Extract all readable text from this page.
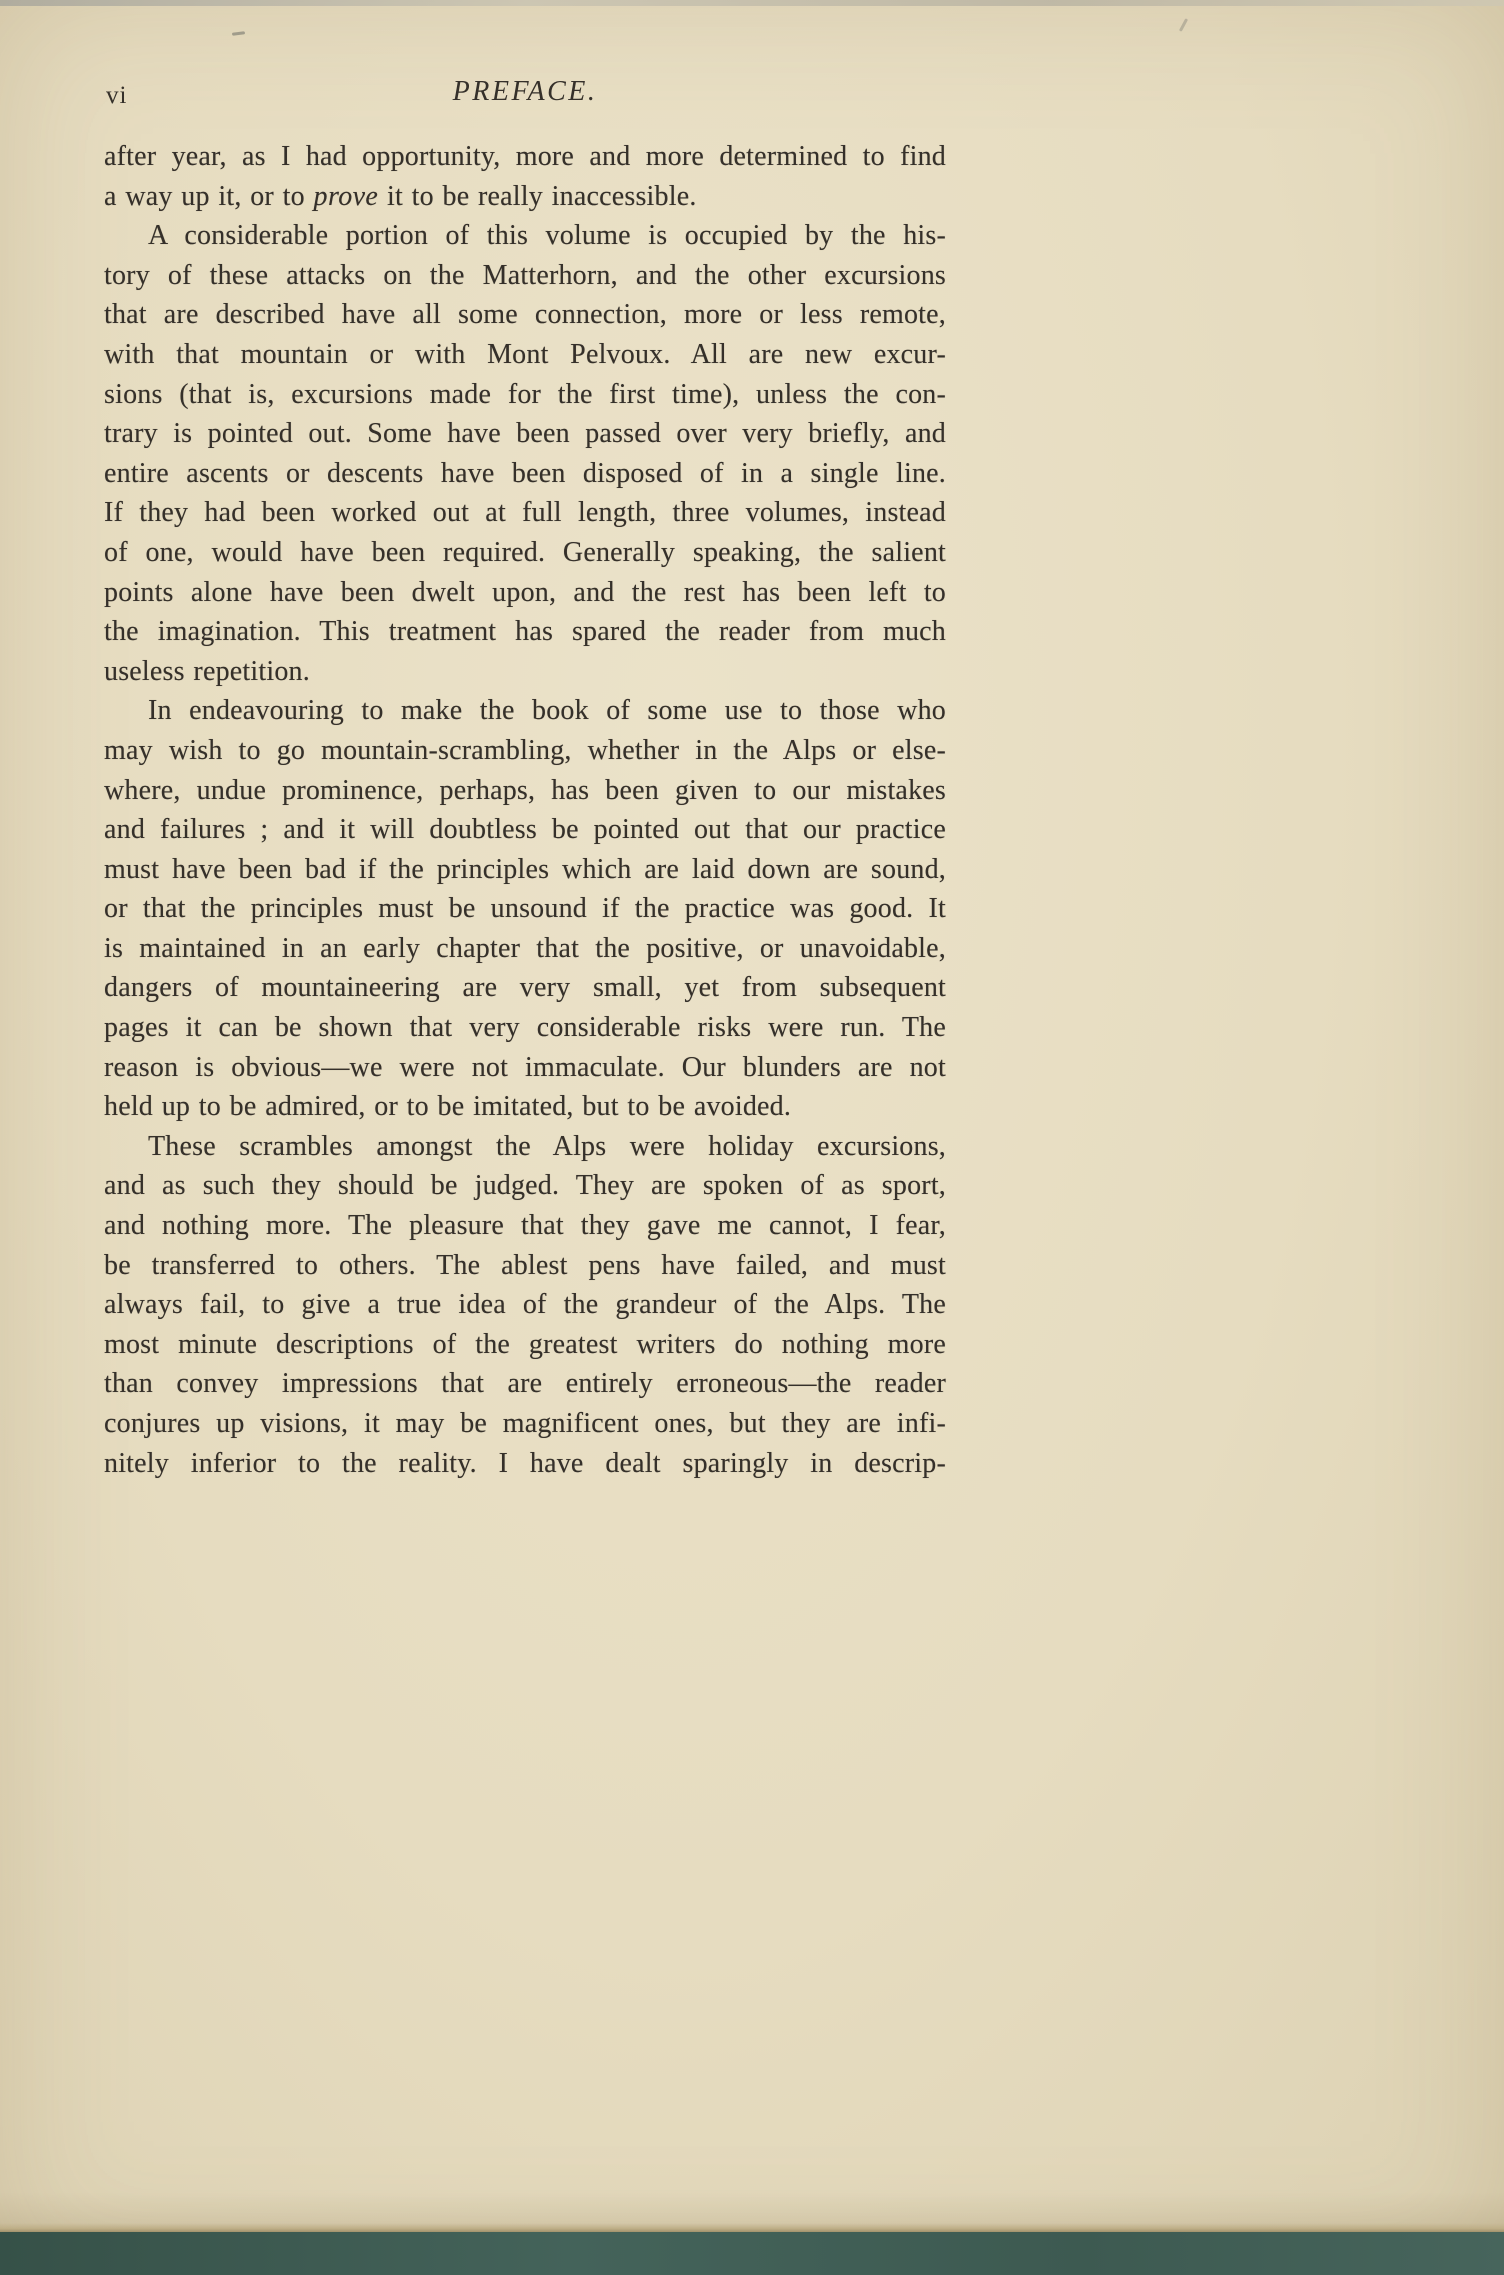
vi	PREFACE.
after year, as I had opportunity, more and more determined to find
a way up it, or to prove it to be really inaccessible.
A considerable portion of this volume is occupied by the his-
tory of these attacks on the Matterhorn, and the other excursions
that are described have all some connection, more or less remote,
with that mountain or with Mont Pelvoux. All are new excur-
sions (that is, excursions made for the first time), unless the con-
trary is pointed out. Some have been passed over very briefly, and
entire ascents or descents have been disposed of in a single line.
If they had been worked out at full length, three volumes, instead
of one, would have been required. Generally speaking, the salient
points alone have been dwelt upon, and the rest has been left to
the imagination. This treatment has spared the reader from much
useless repetition.
In endeavouring to make the book of some use to those who
may wish to go mountain-scrambling, whether in the Alps or else-
where, undue prominence, perhaps, has been given to our mistakes
and failures ; and it will doubtless be pointed out that our practice
must have been bad if the principles which are laid down are sound,
or that the principles must be unsound if the practice was good. It
is maintained in an early chapter that the positive, or unavoidable,
dangers of mountaineering are very small, yet from subsequent
pages it can be shown that very considerable risks were run. The
reason is obvious—we were not immaculate. Our blunders are not
held up to be admired, or to be imitated, but to be avoided.
These scrambles amongst the Alps were holiday excursions,
and as such they should be judged. They are spoken of as sport,
and nothing more. The pleasure that they gave me cannot, I fear,
be transferred to others. The ablest pens have failed, and must
always fail, to give a true idea of the grandeur of the Alps. The
most minute descriptions of the greatest writers do nothing more
than convey impressions that are entirely erroneous—the reader
conjures up visions, it may be magnificent ones, but they are infi-
nitely inferior to the reality. I have dealt sparingly in descrip-
